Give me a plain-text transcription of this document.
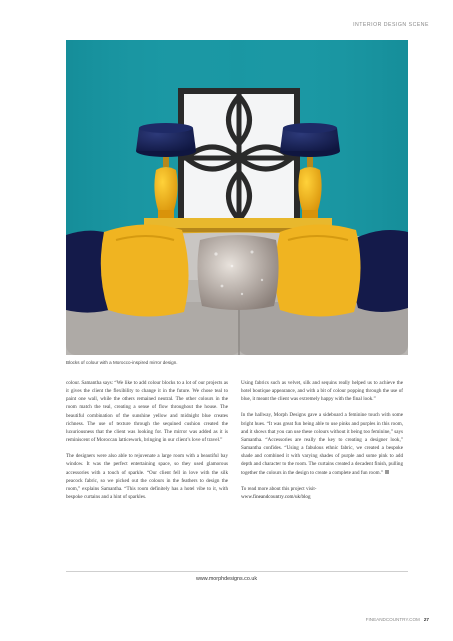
INTERIOR DESIGN SCENE
Blocks of colour with a Morocco-inspired mirror design.

colour. Samantha says: “We like to add colour blocks to a lot of our projects as it gives the client the flexibility to change it in the future. We chose teal to paint one wall, while the others remained neutral. The other colours in the room match the teal, creating a sense of flow throughout the house. The beautiful combination of the sunshine yellow and midnight blue creates richness. The use of texture through the sequined cushion created the luxuriousness that the client was looking for. The mirror was added as it is reminiscent of Moroccan latticework, bringing in our client’s love of travel.”

The designers were also able to rejuvenate a large room with a beautiful bay window. It was the perfect entertaining space, so they used glamorous accessories with a touch of sparkle. “Our client fell in love with the silk peacock fabric, so we picked out the colours in the feathers to design the room,” explains Samantha. “This room definitely has a hotel vibe to it, with bespoke curtains and a hint of sparkles.

Using fabrics such as velvet, silk and sequins really helped us to achieve the hotel boutique appearance, and with a bit of colour popping through the use of blue, it meant the client was extremely happy with the final look.”

In the hallway, Morph Designs gave a sideboard a feminine touch with some bright hues. “It was great fun being able to use pinks and purples in this room, and it shows that you can use these colours without it being too feminine,” says Samantha. “Accessories are really the key to creating a designer look,” Samantha confides. “Using a fabulous ethnic fabric, we created a bespoke shade and combined it with varying shades of purple and some pink to add depth and character to the room. The curtains created a decadent finish, pulling together the colours in the design to create a complete and fun room.”

To read more about this project visit-
www.fineandcountry.com/uk/blog

www.morphdesigns.co.uk
FINEANDCOUNTRY.COM 27
